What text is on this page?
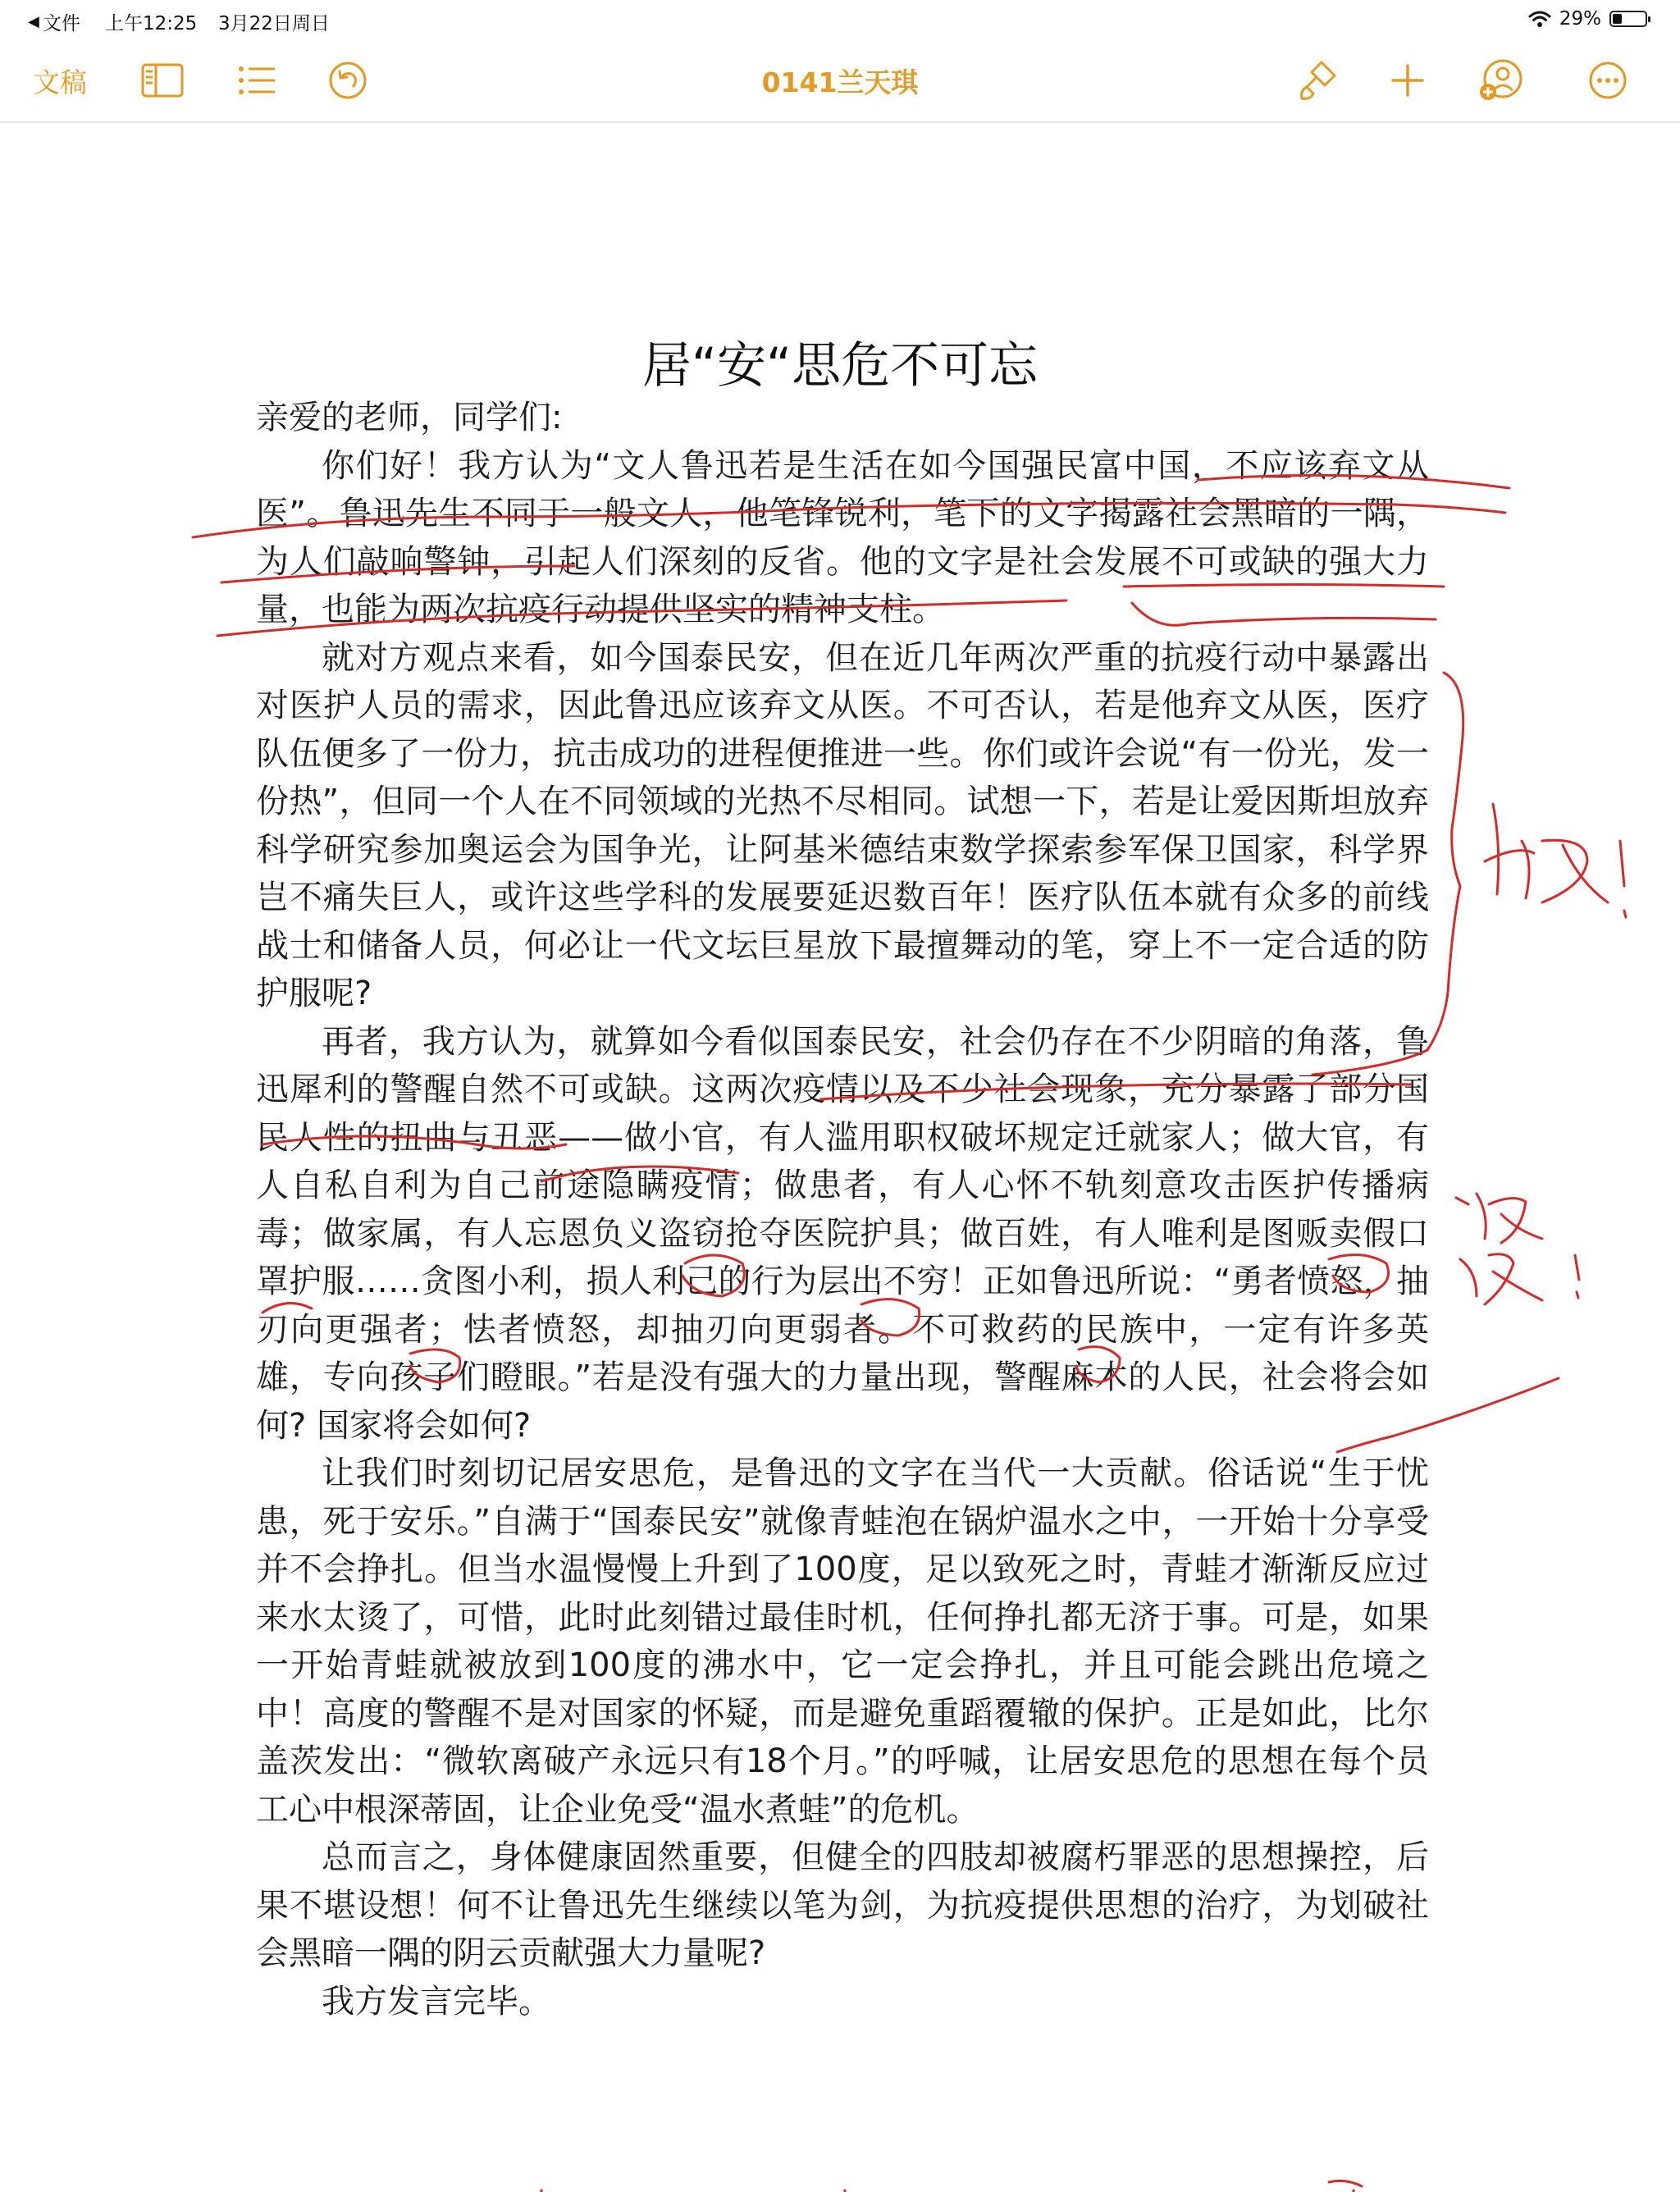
◀ 文件 上午12:25 3月22日周日	29%
文稿	0141兰天琪
居“安“思危不可忘

亲爱的老师，同学们:

你们好！我方认为“文人鲁迅若是生活在如今国强民富中国，不应该弃文从医”。鲁迅先生不同于一般文人，他笔锋锐利，笔下的文字揭露社会黑暗的一隅，为人们敲响警钟，引起人们深刻的反省。他的文字是社会发展不可或缺的强大力量，也能为两次抗疫行动提供坚实的精神支柱。

就对方观点来看，如今国泰民安，但在近几年两次严重的抗疫行动中暴露出对医护人员的需求，因此鲁迅应该弃文从医。不可否认，若是他弃文从医，医疗队伍便多了一份力，抗击成功的进程便推进一些。你们或许会说“有一份光，发一份热”，但同一个人在不同领域的光热不尽相同。试想一下，若是让爱因斯坦放弃科学研究参加奥运会为国争光，让阿基米德结束数学探索参军保卫国家，科学界岂不痛失巨人，或许这些学科的发展要延迟数百年！医疗队伍本就有众多的前线战士和储备人员，何必让一代文坛巨星放下最擅舞动的笔，穿上不一定合适的防护服呢?

再者，我方认为，就算如今看似国泰民安，社会仍存在不少阴暗的角落，鲁迅犀利的警醒自然不可或缺。这两次疫情以及不少社会现象，充分暴露了部分国民人性的扭曲与丑恶——做小官，有人滥用职权破坏规定迁就家人；做大官，有人自私自利为自己前途隐瞒疫情；做患者，有人心怀不轨刻意攻击医护传播病毒；做家属，有人忘恩负义盗窃抢夺医院护具；做百姓，有人唯利是图贩卖假口罩护服……贪图小利，损人利己的行为层出不穷！正如鲁迅所说：“勇者愤怒，抽刃向更强者；怯者愤怒，却抽刃向更弱者。不可救药的民族中，一定有许多英雄，专向孩子们瞪眼。”若是没有强大的力量出现，警醒麻木的人民，社会将会如何? 国家将会如何?

让我们时刻切记居安思危，是鲁迅的文字在当代一大贡献。俗话说“生于忧患，死于安乐。”自满于“国泰民安”就像青蛙泡在锅炉温水之中，一开始十分享受并不会挣扎。但当水温慢慢上升到了100度，足以致死之时，青蛙才渐渐反应过来水太烫了，可惜，此时此刻错过最佳时机，任何挣扎都无济于事。可是，如果一开始青蛙就被放到100度的沸水中，它一定会挣扎，并且可能会跳出危境之中！高度的警醒不是对国家的怀疑，而是避免重蹈覆辙的保护。正是如此，比尔盖茨发出：“微软离破产永远只有18个月。”的呼喊，让居安思危的思想在每个员工心中根深蒂固，让企业免受“温水煮蛙”的危机。

总而言之，身体健康固然重要，但健全的四肢却被腐朽罪恶的思想操控，后果不堪设想！何不让鲁迅先生继续以笔为剑，为抗疫提供思想的治疗，为划破社会黑暗一隅的阴云贡献强大力量呢?

我方发言完毕。
